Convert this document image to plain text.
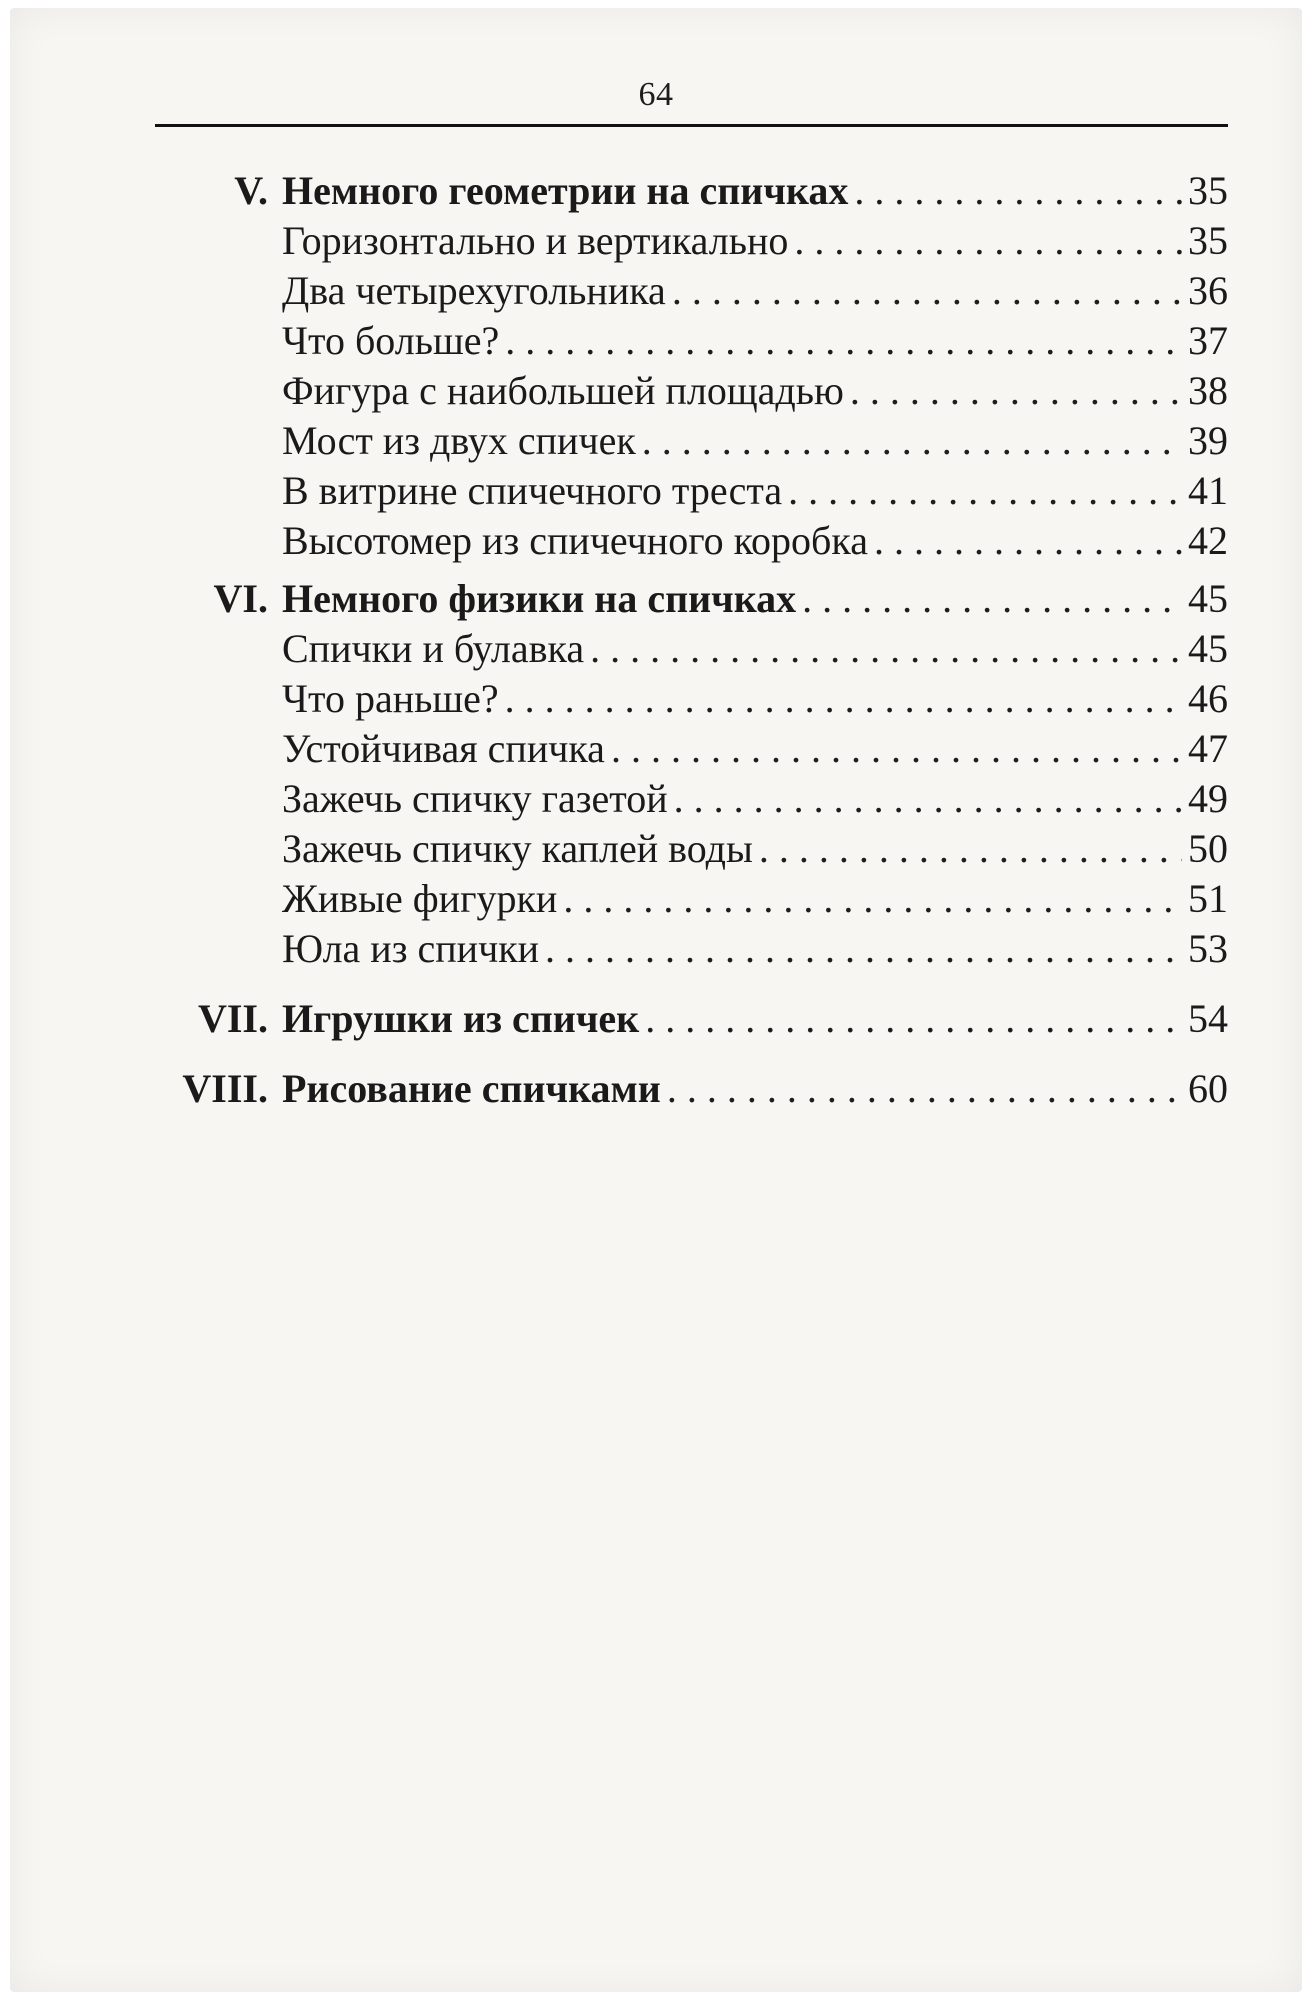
64
V. Немного геометрии на спичках . . .	35
Горизонтально и вертикально . . .	35
Два четырехугольника . . .	36
Что больше? . . .	37
Фигура с наибольшей площадью . . .	38
Мост из двух спичек . . .	39
В витрине спичечного треста . . .	41
Высотомер из спичечного коробка . . .	42
VI. Немного физики на спичках . . .	45
Спички и булавка . . .	45
Что раньше? . . .	46
Устойчивая спичка . . .	47
Зажечь спичку газетой . . .	49
Зажечь спичку каплей воды . . .	50
Живые фигурки . . .	51
Юла из спички . . .	53
VII. Игрушки из спичек . . .	54
VIII. Рисование спичками . . .	60
